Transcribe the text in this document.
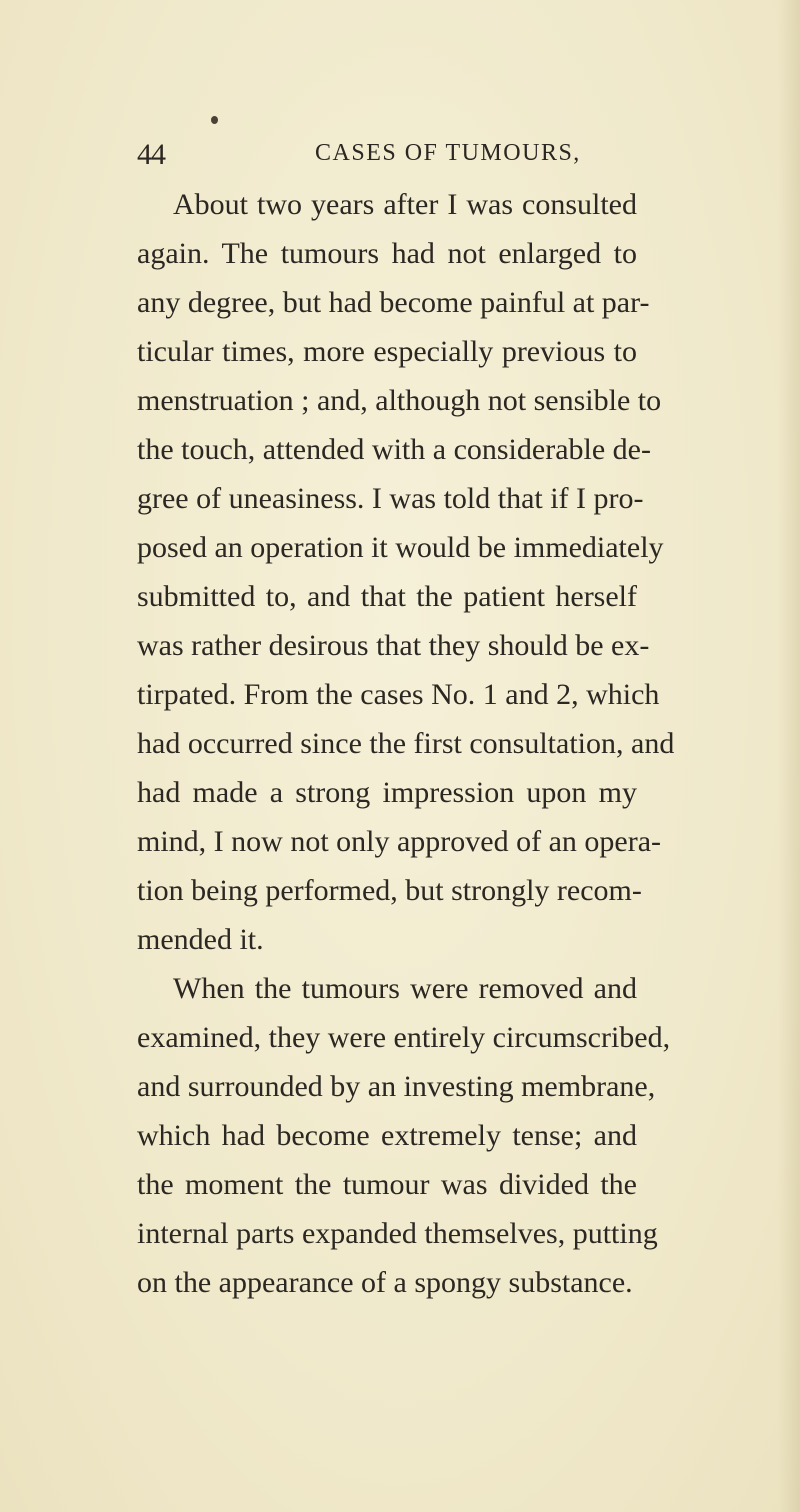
44	CASES OF TUMOURS,
About two years after I was consulted
again. The tumours had not enlarged to
any degree, but had become painful at par-
ticular times, more especially previous to
menstruation ; and, although not sensible to
the touch, attended with a considerable de-
gree of uneasiness. I was told that if I pro-
posed an operation it would be immediately
submitted to, and that the patient herself
was rather desirous that they should be ex-
tirpated. From the cases No. 1 and 2, which
had occurred since the first consultation, and
had made a strong impression upon my
mind, I now not only approved of an opera-
tion being performed, but strongly recom-
mended it.
When the tumours were removed and
examined, they were entirely circumscribed,
and surrounded by an investing membrane,
which had become extremely tense; and
the moment the tumour was divided the
internal parts expanded themselves, putting
on the appearance of a spongy substance.
